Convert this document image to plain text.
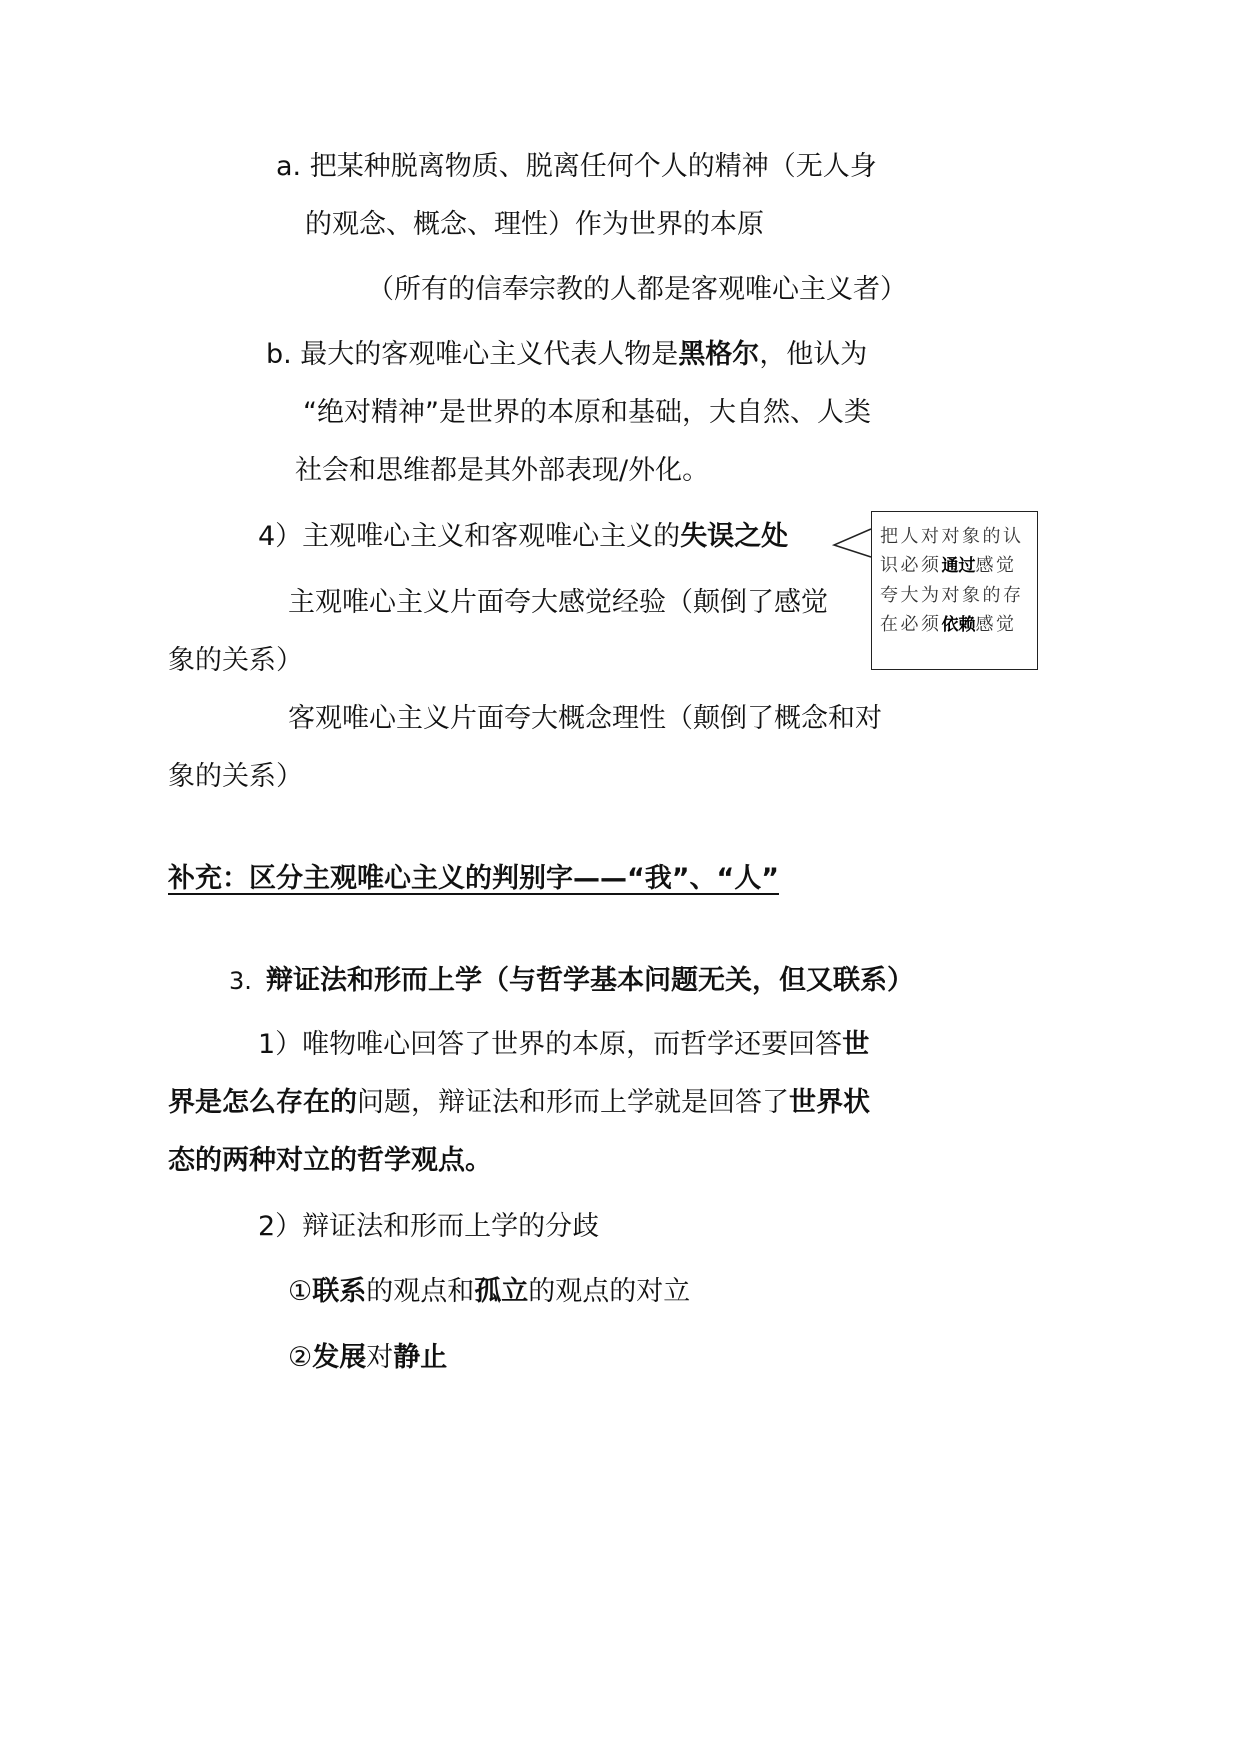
a. 把某种脱离物质、脱离任何个人的精神（无人身
的观念、概念、理性）作为世界的本原
（所有的信奉宗教的人都是客观唯心主义者）
b. 最大的客观唯心主义代表人物是黑格尔，他认为
“绝对精神”是世界的本原和基础，大自然、人类
社会和思维都是其外部表现/外化。
4）主观唯心主义和客观唯心主义的失误之处
主观唯心主义片面夸大感觉经验（颠倒了感觉
象的关系）
客观唯心主义片面夸大概念理性（颠倒了概念和对
象的关系）
把人对对象的认识必须通过感觉夸大为对象的存在必须依赖感觉
补充：区分主观唯心主义的判别字——“我”、“人”
3. 辩证法和形而上学（与哲学基本问题无关，但又联系）
1）唯物唯心回答了世界的本原，而哲学还要回答世
界是怎么存在的问题，辩证法和形而上学就是回答了世界状
态的两种对立的哲学观点。
2）辩证法和形而上学的分歧
①联系的观点和孤立的观点的对立
②发展对静止
